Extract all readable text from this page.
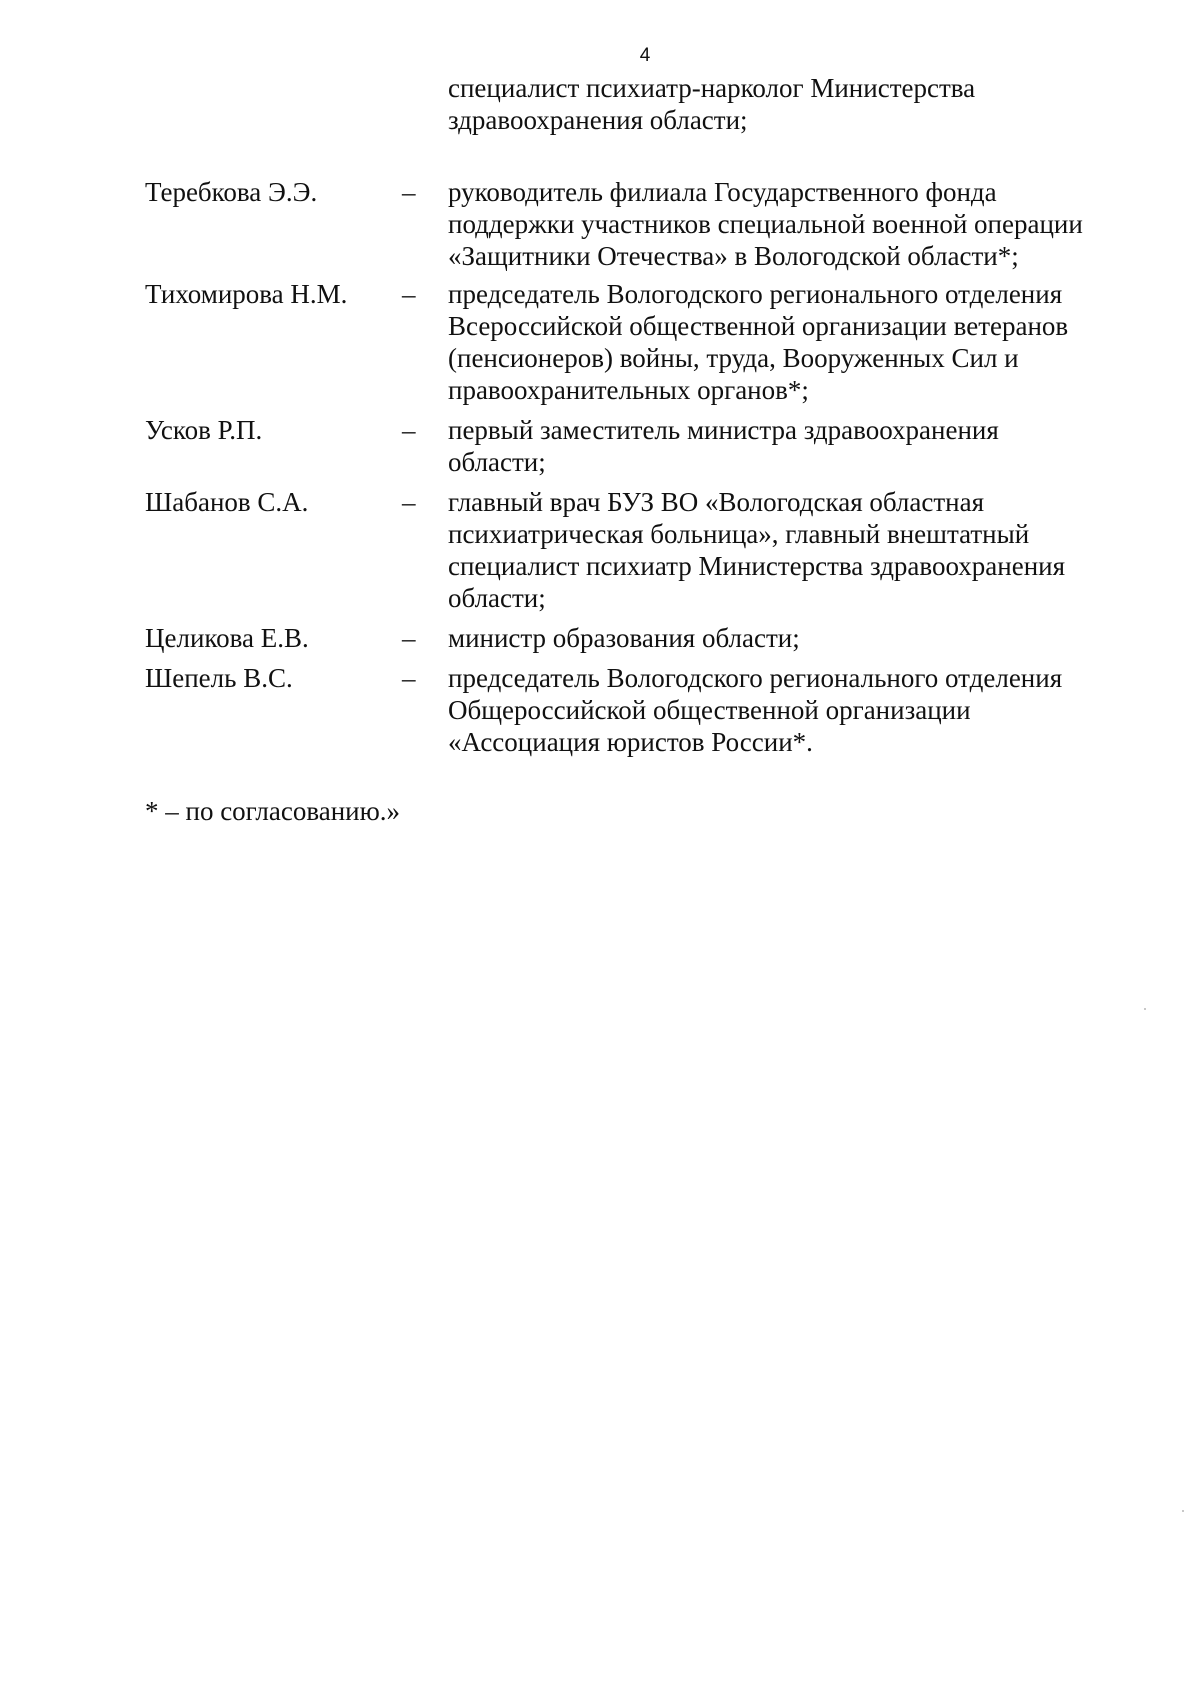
4
специалист психиатр-нарколог Министерства
здравоохранения области;
Теребкова Э.Э.	–	руководитель филиала Государственного фонда
поддержки участников специальной военной операции
«Защитники Отечества» в Вологодской области*;
Тихомирова Н.М.	–	председатель Вологодского регионального отделения
Всероссийской общественной организации ветеранов
(пенсионеров) войны, труда, Вооруженных Сил и
правоохранительных органов*;
Усков Р.П.	–	первый заместитель министра здравоохранения
области;
Шабанов С.А.	–	главный врач БУЗ ВО «Вологодская областная
психиатрическая больница», главный внештатный
специалист психиатр Министерства здравоохранения
области;
Целикова Е.В.	–	министр образования области;
Шепель В.С.	–	председатель Вологодского регионального отделения
Общероссийской общественной организации
«Ассоциация юристов России*.
* – по согласованию.»
